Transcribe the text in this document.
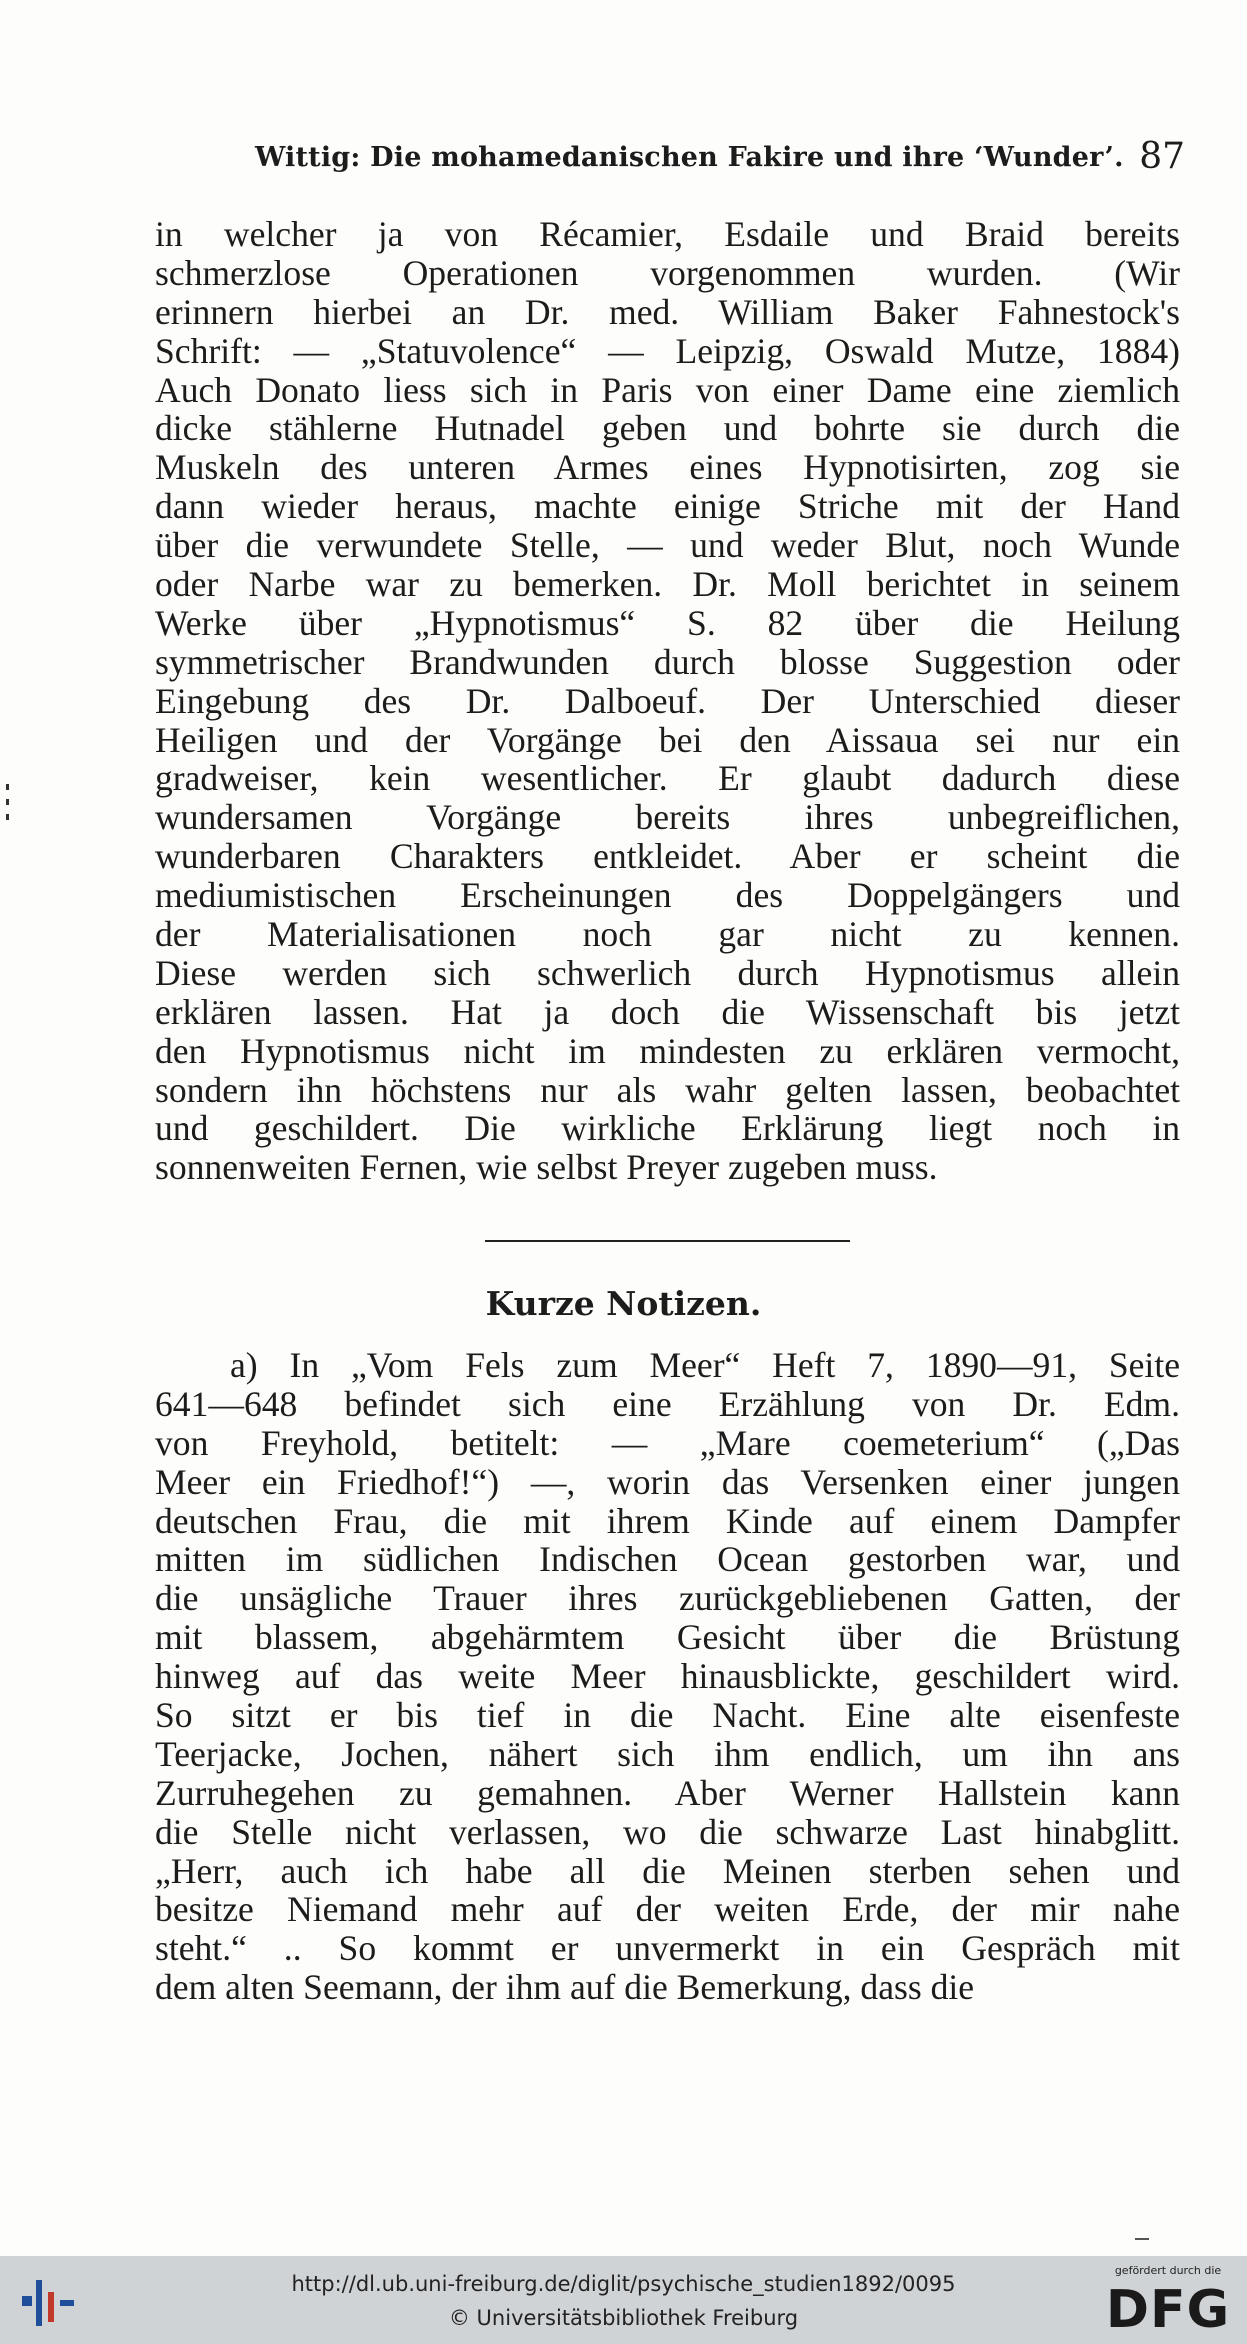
Wittig: Die mohamedanischen Fakire und ihre ‘Wunder’. 87
in welcher ja von Récamier, Esdaile und Braid bereits
schmerzlose Operationen vorgenommen wurden. (Wir
erinnern hierbei an Dr. med. William Baker Fahnestock's
Schrift: — „Statuvolence“ — Leipzig, Oswald Mutze, 1884)
Auch Donato liess sich in Paris von einer Dame eine ziemlich
dicke stählerne Hutnadel geben und bohrte sie durch die
Muskeln des unteren Armes eines Hypnotisirten, zog sie
dann wieder heraus, machte einige Striche mit der Hand
über die verwundete Stelle, — und weder Blut, noch Wunde
oder Narbe war zu bemerken. Dr. Moll berichtet in seinem
Werke über „Hypnotismus“ S. 82 über die Heilung
symmetrischer Brandwunden durch blosse Suggestion oder
Eingebung des Dr. Dalboeuf. Der Unterschied dieser
Heiligen und der Vorgänge bei den Aissaua sei nur ein
gradweiser, kein wesentlicher. Er glaubt dadurch diese
wundersamen Vorgänge bereits ihres unbegreiflichen,
wunderbaren Charakters entkleidet. Aber er scheint die
mediumistischen Erscheinungen des Doppelgängers und
der Materialisationen noch gar nicht zu kennen.
Diese werden sich schwerlich durch Hypnotismus allein
erklären lassen. Hat ja doch die Wissenschaft bis jetzt
den Hypnotismus nicht im mindesten zu erklären vermocht,
sondern ihn höchstens nur als wahr gelten lassen, beobachtet
und geschildert. Die wirkliche Erklärung liegt noch in
sonnenweiten Fernen, wie selbst Preyer zugeben muss.
Kurze Notizen.
a) In „Vom Fels zum Meer“ Heft 7, 1890—91, Seite
641—648 befindet sich eine Erzählung von Dr. Edm.
von Freyhold, betitelt: — „Mare coemeterium“ („Das
Meer ein Friedhof!“) —, worin das Versenken einer jungen
deutschen Frau, die mit ihrem Kinde auf einem Dampfer
mitten im südlichen Indischen Ocean gestorben war, und
die unsägliche Trauer ihres zurückgebliebenen Gatten, der
mit blassem, abgehärmtem Gesicht über die Brüstung
hinweg auf das weite Meer hinausblickte, geschildert wird.
So sitzt er bis tief in die Nacht. Eine alte eisenfeste
Teerjacke, Jochen, nähert sich ihm endlich, um ihn ans
Zurruhegehen zu gemahnen. Aber Werner Hallstein kann
die Stelle nicht verlassen, wo die schwarze Last hinabglitt.
„Herr, auch ich habe all die Meinen sterben sehen und
besitze Niemand mehr auf der weiten Erde, der mir nahe
steht.“ .. So kommt er unvermerkt in ein Gespräch mit
dem alten Seemann, der ihm auf die Bemerkung, dass die
http://dl.ub.uni-freiburg.de/diglit/psychische_studien1892/0095
© Universitätsbibliothek Freiburg
gefördert durch die
DFG
